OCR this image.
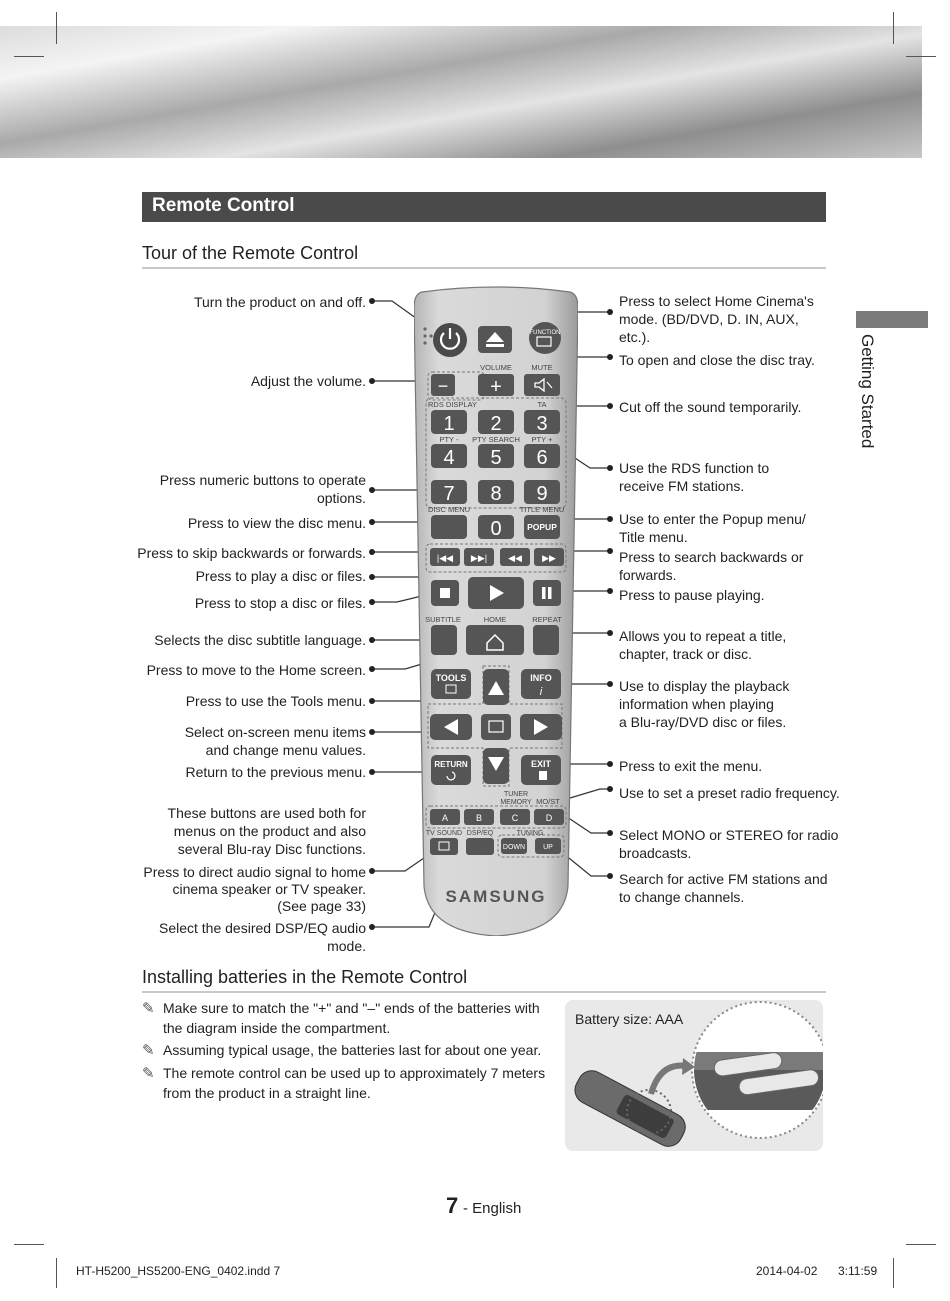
Remote Control
Getting Started
Tour of the Remote Control
Turn the product on and off.
Adjust the volume.
Press numeric buttons to operate
options.
Press to view the disc menu.
Press to skip backwards or forwards.
Press to play a disc or files.
Press to stop a disc or files.
Selects the disc subtitle language.
Press to move to the Home screen.
Press to use the Tools menu.
Select on-screen menu items
and change menu values.
Return to the previous menu.
These buttons are used both for
menus on the product and also
several Blu-ray Disc functions.
Press to direct audio signal to home
cinema speaker or TV speaker.
(See page 33)
Select the desired DSP/EQ audio
mode.
Press to select Home Cinema's
mode. (BD/DVD, D. IN, AUX,
etc.).
To open and close the disc tray.
Cut off the sound temporarily.
Use the RDS function to
receive FM stations.
Use to enter the Popup menu/
Title menu.
Press to search backwards or
forwards.
Press to pause playing.
Allows you to repeat a title,
chapter, track or disc.
Use to display the playback
information when playing
a Blu-ray/DVD disc or files.
Press to exit the menu.
Use to set a preset radio frequency.
Select MONO or STEREO for radio
broadcasts.
Search for active FM stations and
to change channels.
FUNCTION
VOLUME	MUTE
− +
RDS DISPLAY	TA
1 2 3
PTY - PTY SEARCH PTY +
4 5 6
7 8 9
DISC MENU	TITLE MENU
0	POPUP
|◀◀ ▶▶| ◀◀ ▶▶
SUBTITLE	HOME	REPEAT
TOOLS	INFO
i
RETURN	EXIT
TUNER MEMORY MO/ST
A	B	C	D
TV SOUND DSP/EQ	TUNING
DOWN	UP
SAMSUNG
Installing batteries in the Remote Control
✎ Make sure to match the "+" and "–" ends of the batteries with
the diagram inside the compartment.
✎ Assuming typical usage, the batteries last for about one year.
✎ The remote control can be used up to approximately 7 meters
from the product in a straight line.
Battery size: AAA
7 - English
HT-H5200_HS5200-ENG_0402.indd 7	2014-04-02 3:11:59
